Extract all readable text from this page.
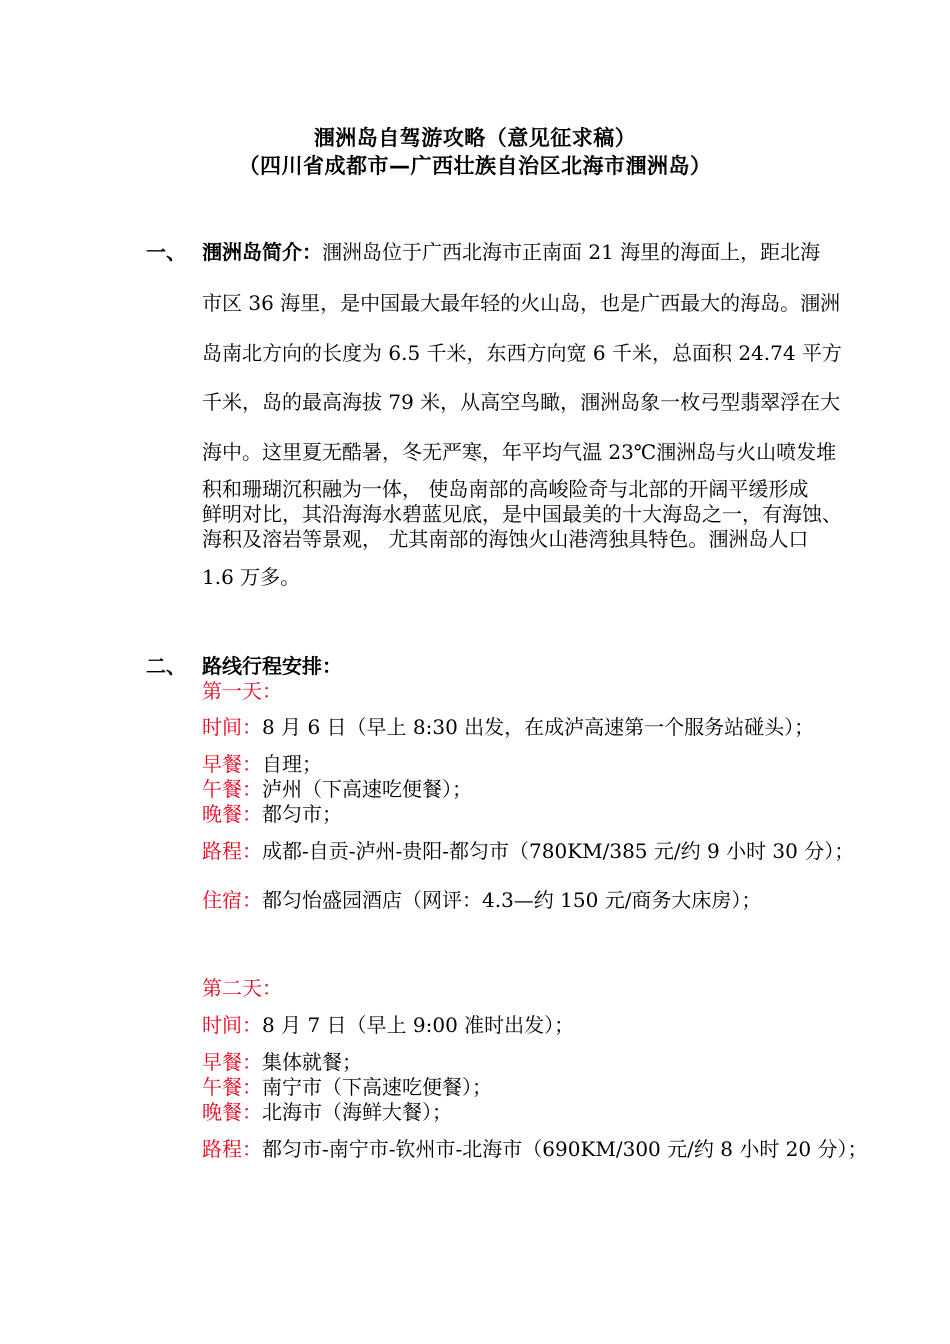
涠洲岛自驾游攻略（意见征求稿）
（四川省成都市—广西壮族自治区北海市涠洲岛）
一、 涠洲岛简介：涠洲岛位于广西北海市正南面 21 海里的海面上，距北海
市区 36 海里，是中国最大最年轻的火山岛，也是广西最大的海岛。涠洲
岛南北方向的长度为 6.5 千米，东西方向宽 6 千米，总面积 24.74 平方
千米，岛的最高海拔 79 米，从高空鸟瞰，涠洲岛象一枚弓型翡翠浮在大
海中。这里夏无酷暑，冬无严寒，年平均气温 23℃涠洲岛与火山喷发堆
积和珊瑚沉积融为一体， 使岛南部的高峻险奇与北部的开阔平缓形成
鲜明对比，其沿海海水碧蓝见底，是中国最美的十大海岛之一，有海蚀、
海积及溶岩等景观， 尤其南部的海蚀火山港湾独具特色。涠洲岛人口
1.6 万多。
二、 路线行程安排：
第一天：
时间：8 月 6 日（早上 8:30 出发，在成泸高速第一个服务站碰头）；
早餐：自理；
午餐：泸州（下高速吃便餐）；
晚餐：都匀市；
路程：成都-自贡-泸州-贵阳-都匀市（780KM/385 元/约 9 小时 30 分）；
住宿：都匀怡盛园酒店（网评：4.3—约 150 元/商务大床房）；
第二天：
时间：8 月 7 日（早上 9:00 准时出发）；
早餐：集体就餐；
午餐：南宁市（下高速吃便餐）；
晚餐：北海市（海鲜大餐）；
路程：都匀市-南宁市-钦州市-北海市（690KM/300 元/约 8 小时 20 分）；
